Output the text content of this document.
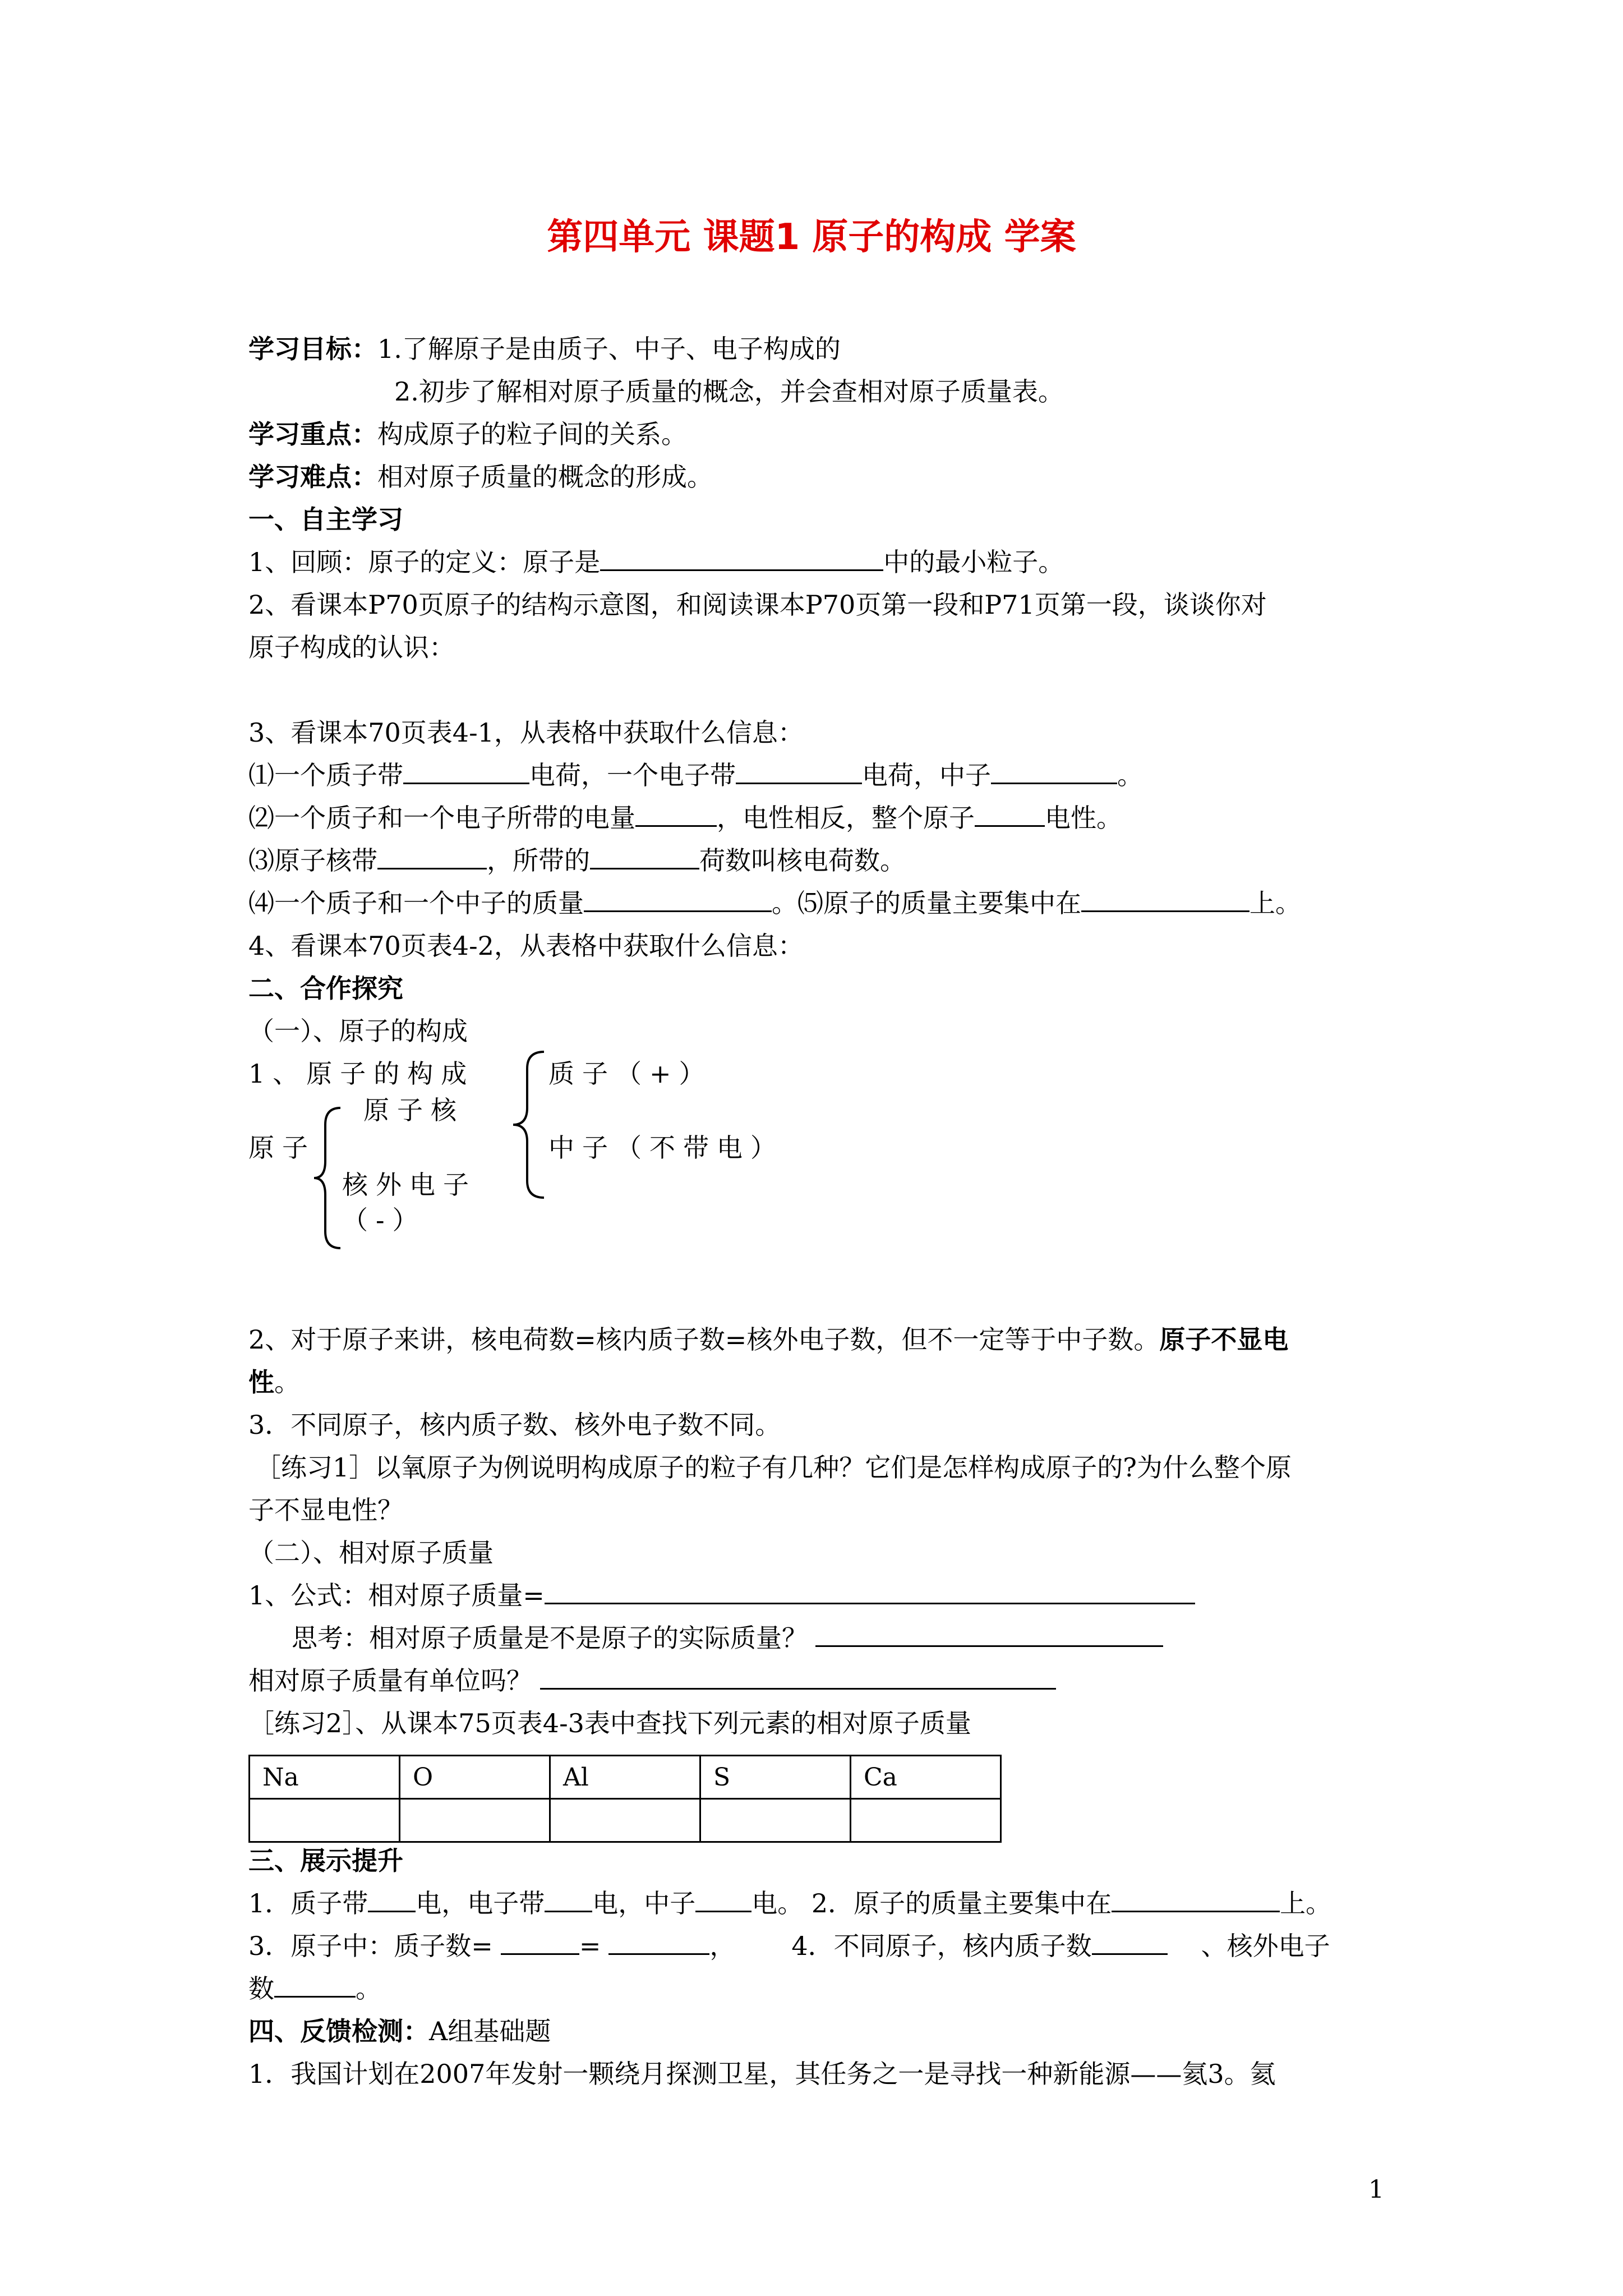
第四单元 课题1 原子的构成 学案
学习目标：1.了解原子是由质子、中子、电子构成的
2.初步了解相对原子质量的概念，并会查相对原子质量表。
学习重点：构成原子的粒子间的关系。
学习难点：相对原子质量的概念的形成。
一、自主学习
1、回顾：原子的定义：原子是	中的最小粒子。
2、看课本P70页原子的结构示意图，和阅读课本P70页第一段和P71页第一段，谈谈你对
原子构成的认识：
3、看课本70页表4-1，从表格中获取什么信息：
⑴一个质子带	电荷，一个电子带	电荷，中子	。
⑵一个质子和一个电子所带的电量	，电性相反，整个原子	电性。
⑶原子核带	，所带的	荷数叫核电荷数。
⑷一个质子和一个中子的质量	。⑸原子的质量主要集中在	上。
4、看课本70页表4-2，从表格中获取什么信息：
二、合作探究
（一）、原子的构成
1、原子的构成	质子（+）
原子核
中子（不带电）
原子
核外电子
（-）
2、对于原子来讲，核电荷数=核内质子数=核外电子数，但不一定等于中子数。原子不显电
性。
3．不同原子，核内质子数、核外电子数不同。
［练习1］以氧原子为例说明构成原子的粒子有几种？它们是怎样构成原子的?为什么整个原
子不显电性？
（二）、相对原子质量
1、公式：相对原子质量=
思考：相对原子质量是不是原子的实际质量？
相对原子质量有单位吗？
［练习2］、从课本75页表4-3表中查找下列元素的相对原子质量
Na	O	Al	S	Ca

三、展示提升
1．质子带 电，电子带 电，中子 电。 2．原子的质量主要集中在	上。
3．原子中：质子数=	=	， 4．不同原子，核内质子数	、核外电子
数	。
四、反馈检测：A组基础题
1．我国计划在2007年发射一颗绕月探测卫星，其任务之一是寻找一种新能源——氦3。氦
1
